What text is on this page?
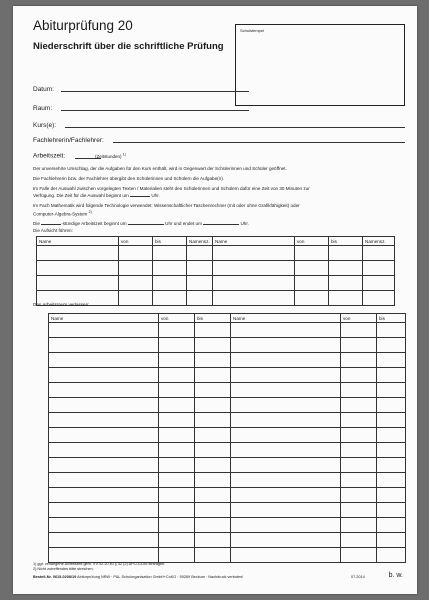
Abiturprüfung 20
Niederschrift über die schriftliche Prüfung
Schulstempel
Datum:
Raum:
Kurs(e):
Fachlehrerin/Fachlehrer:
Arbeitszeit:	(Zeitstunden) $^{1)}$
Der unversehrte Umschlag, der die Aufgaben für den Kurs enthält, wird in Gegenwart der Schülerinnen und Schüler geöffnet.
Die Fachlehrerin bzw. der Fachlehrer übergibt den Schülerinnen und Schülern die Aufgabe(n).
Im Falle der Auswahl zwischen vorgelegten Texten / Materialien steht den Schülerinnen und Schülern dafür eine Zeit von 30 Minuten zur
Verfügung. Die Zeit für die Auswahl beginnt um	Uhr.
Im Fach Mathematik wird folgende Technologie verwendet: Wissenschaftlicher Taschenrechner (mit oder ohne Grafikfähigkeit) oder
Computer-Algebra-System $^{2)}$
Die	-stündige Arbeitszeit beginnt um	Uhr und endet um	Uhr.
Die Aufsicht führen:
Name	von	bis	Namensz.	Name	von	bis	Namensz.

Den Arbeitsraum verlassen:
Name	von	bis	Name	von	bis

1) ggf. verlängerte Arbeitszeit gem. VV 32.20 zu § 32 (2) APO-GOSt eintragen.
2) Nicht zutreffendes bitte streichen.
Bestell-Nr. 0615-0208/19 Abiturprüfung NRW · P&L Schulorganisation GmbH+CoKG · 59269 Beckum · Nachdruck verboten!	07.2014	b. w.
